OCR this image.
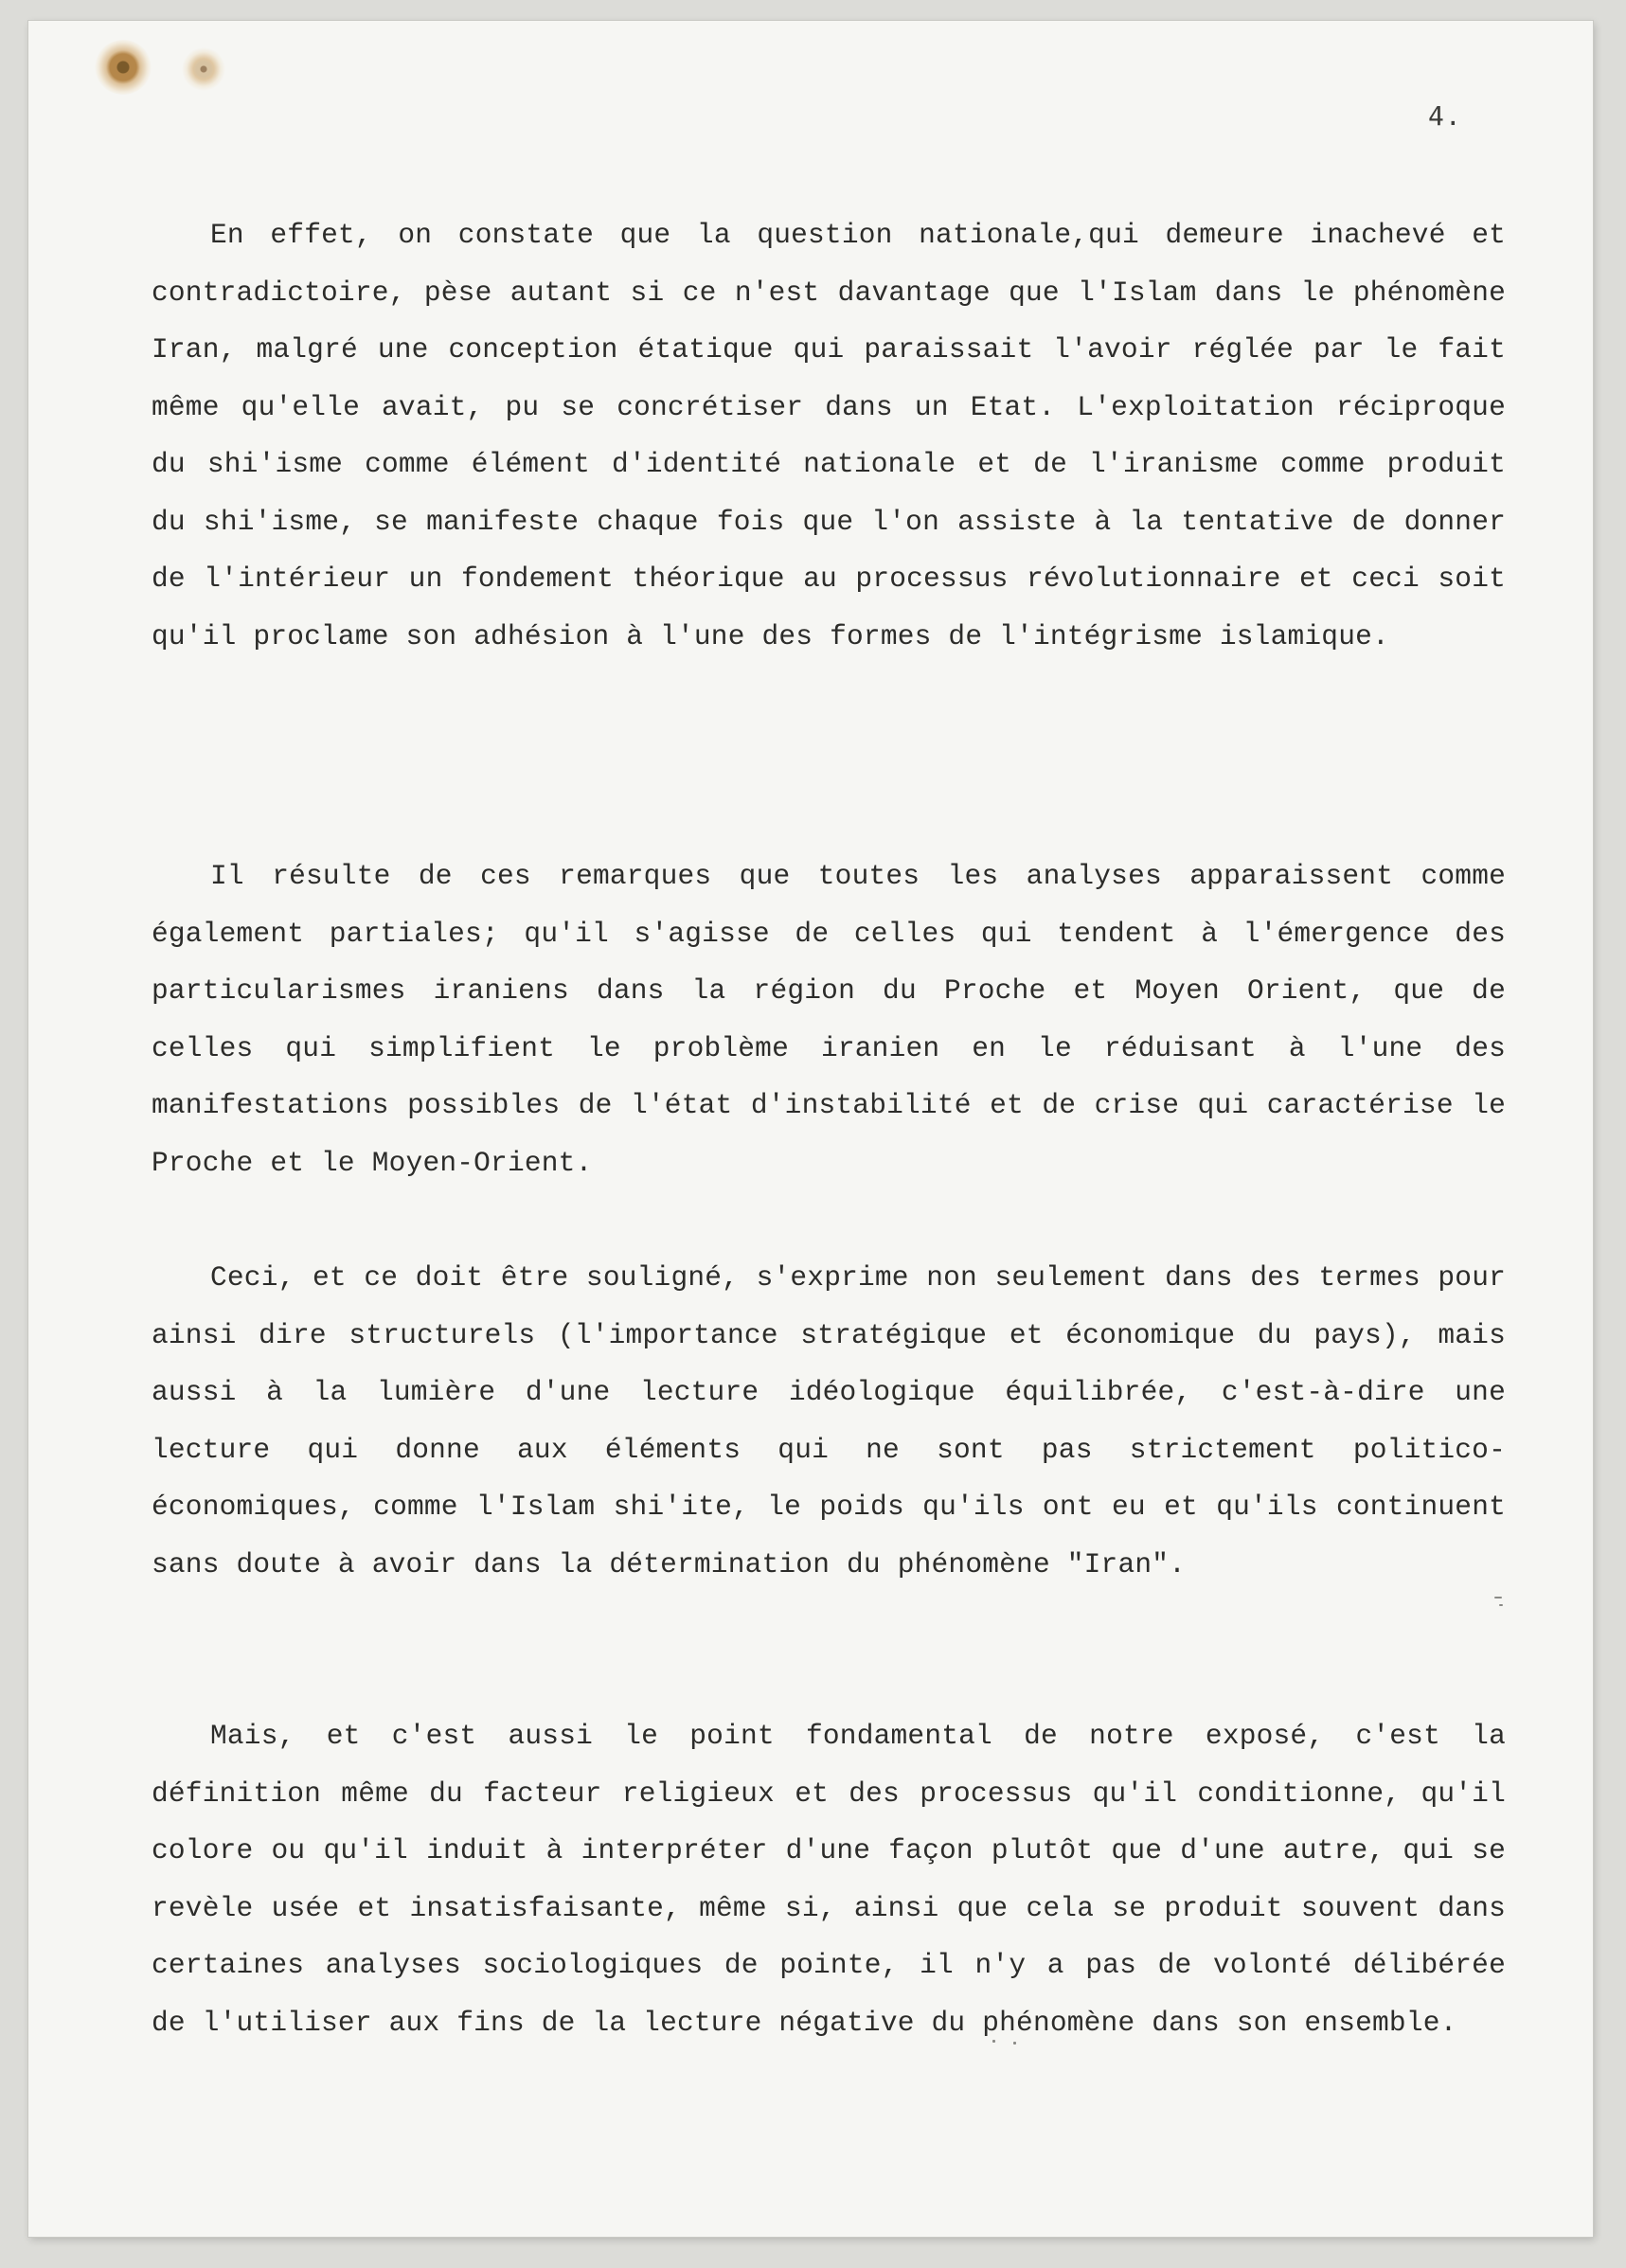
4.

En effet, on constate que la question nationale,qui demeure inachevé et contradictoire, pèse autant si ce n'est davantage que l'Islam dans le phénomène Iran, malgré une conception étatique qui paraissait l'avoir réglée par le fait même qu'elle avait, pu se concrétiser dans un Etat. L'exploitation réciproque du shi'isme comme élément d'identité nationale et de l'iranisme comme produit du shi'isme, se manifeste chaque fois que l'on assiste à la tentative de donner de l'intérieur un fondement théorique au processus révolutionnaire et ceci soit qu'il proclame son adhésion à l'une des formes de l'intégrisme islamique.

Il résulte de ces remarques que toutes les analyses apparaissent comme également partiales; qu'il s'agisse de celles qui tendent à l'émergence des particularismes iraniens dans la région du Proche et Moyen Orient, que de celles qui simplifient le problème iranien en le réduisant à l'une des manifestations possibles de l'état d'instabilité et de crise qui caractérise le Proche et le Moyen-Orient.

Ceci, et ce doit être souligné, s'exprime non seulement dans des termes pour ainsi dire structurels (l'importance stratégique et économique du pays), mais aussi à la lumière d'une lecture idéologique équilibrée, c'est-à-dire une lecture qui donne aux éléments qui ne sont pas strictement politico-économiques, comme l'Islam shi'ite, le poids qu'ils ont eu et qu'ils continuent sans doute à avoir dans la détermination du phénomène "Iran".

Mais, et c'est aussi le point fondamental de notre exposé, c'est la définition même du facteur religieux et des processus qu'il conditionne, qu'il colore ou qu'il induit à interpréter d'une façon plutôt que d'une autre, qui se revèle usée et insatisfaisante, même si, ainsi que cela se produit souvent dans certaines analyses sociologiques de pointe, il n'y a pas de volonté délibérée de l'utiliser aux fins de la lecture négative du phénomène dans son ensemble.
